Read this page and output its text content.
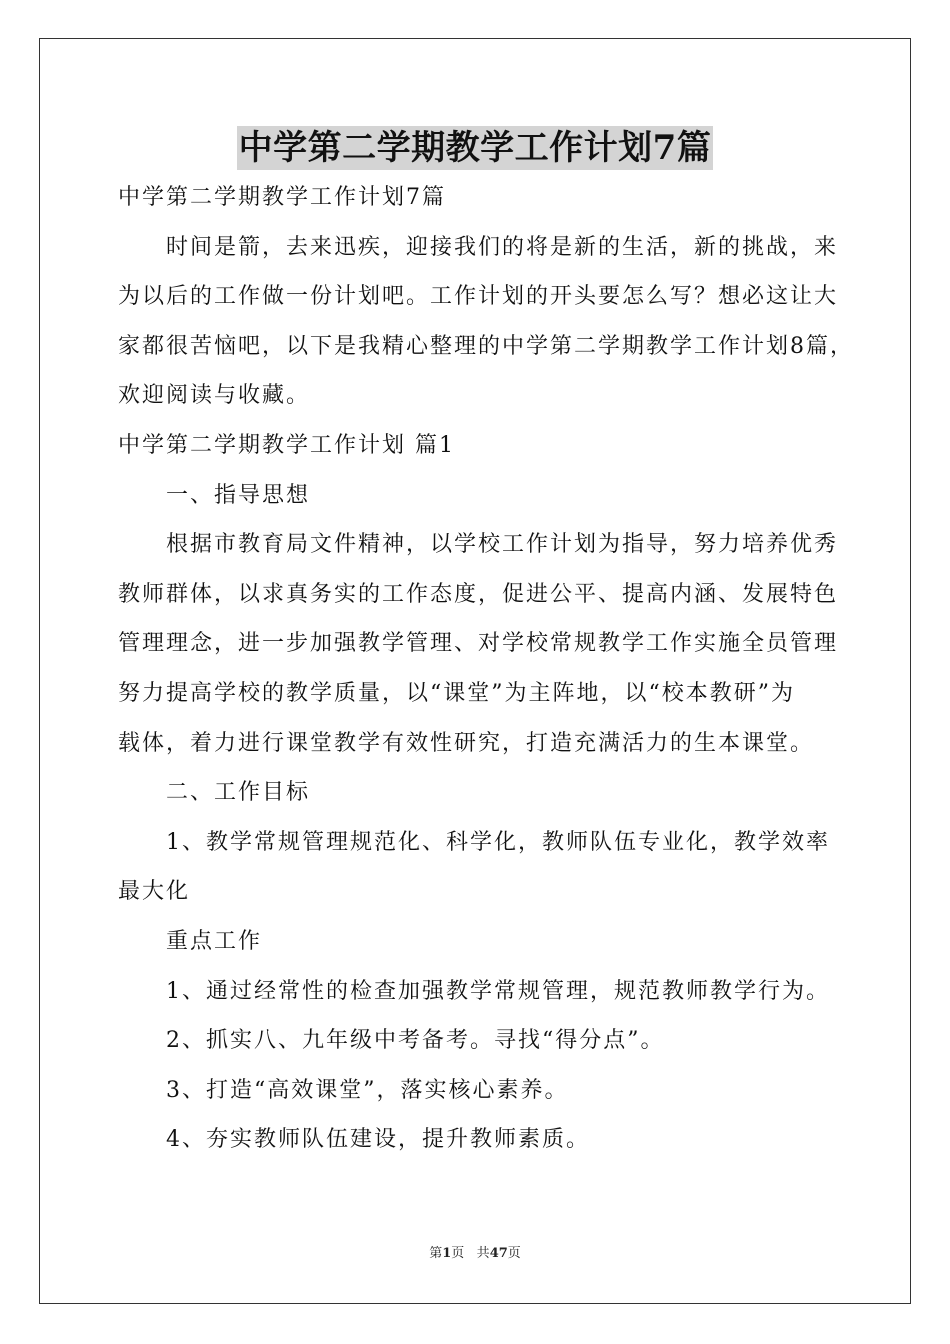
中学第二学期教学工作计划7篇
中学第二学期教学工作计划7篇
时间是箭，去来迅疾，迎接我们的将是新的生活，新的挑战，来
为以后的工作做一份计划吧。工作计划的开头要怎么写？想必这让大
家都很苦恼吧，以下是我精心整理的中学第二学期教学工作计划8篇，
欢迎阅读与收藏。
中学第二学期教学工作计划 篇1
一、指导思想
根据市教育局文件精神，以学校工作计划为指导，努力培养优秀
教师群体，以求真务实的工作态度，促进公平、提高内涵、发展特色
管理理念，进一步加强教学管理、对学校常规教学工作实施全员管理
努力提高学校的教学质量，以“课堂”为主阵地，以“校本教研”为
载体，着力进行课堂教学有效性研究，打造充满活力的生本课堂。
二、工作目标
1、教学常规管理规范化、科学化，教师队伍专业化，教学效率
最大化
重点工作
1、通过经常性的检查加强教学常规管理，规范教师教学行为。
2、抓实八、九年级中考备考。寻找“得分点”。
3、打造“高效课堂”，落实核心素养。
4、夯实教师队伍建设，提升教师素质。
第1页 共47页
